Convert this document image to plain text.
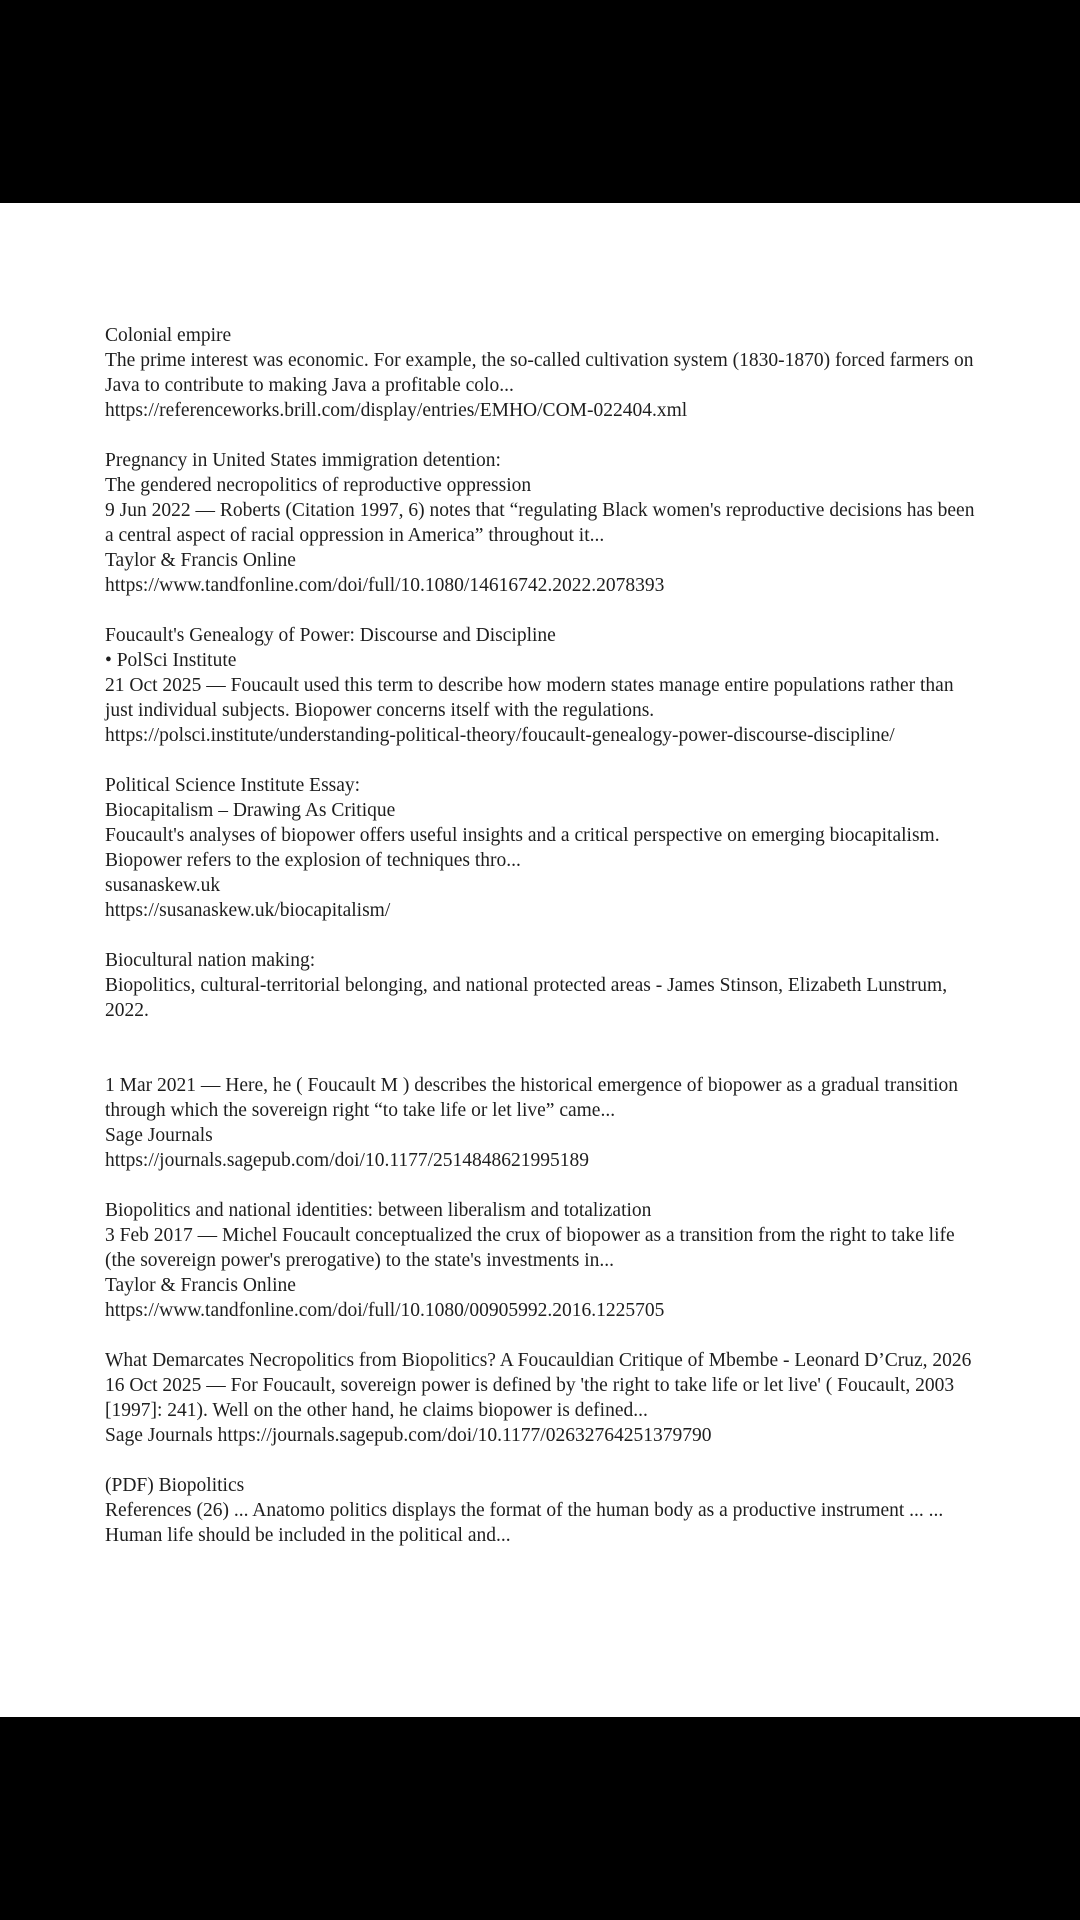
Colonial empire
The prime interest was economic. For example, the so-called cultivation system (1830-1870) forced farmers on Java to contribute to making Java a profitable colo...
https://referenceworks.brill.com/display/entries/EMHO/COM-022404.xml
Pregnancy in United States immigration detention:
The gendered necropolitics of reproductive oppression
9 Jun 2022 — Roberts (Citation 1997, 6) notes that “regulating Black women's reproductive decisions has been a central aspect of racial oppression in America” throughout it...
Taylor & Francis Online
https://www.tandfonline.com/doi/full/10.1080/14616742.2022.2078393
Foucault's Genealogy of Power: Discourse and Discipline
• PolSci Institute
21 Oct 2025 — Foucault used this term to describe how modern states manage entire populations rather than just individual subjects. Biopower concerns itself with the regulations.
https://polsci.institute/understanding-political-theory/foucault-genealogy-power-discourse-discipline/
Political Science Institute Essay:
Biocapitalism – Drawing As Critique
Foucault's analyses of biopower offers useful insights and a critical perspective on emerging biocapitalism. Biopower refers to the explosion of techniques thro...
susanaskew.uk
https://susanaskew.uk/biocapitalism/
Biocultural nation making:
Biopolitics, cultural-territorial belonging, and national protected areas - James Stinson, Elizabeth Lunstrum, 2022.
1 Mar 2021 — Here, he ( Foucault M ) describes the historical emergence of biopower as a gradual transition through which the sovereign right “to take life or let live” came...
Sage Journals
https://journals.sagepub.com/doi/10.1177/2514848621995189
Biopolitics and national identities: between liberalism and totalization
3 Feb 2017 — Michel Foucault conceptualized the crux of biopower as a transition from the right to take life (the sovereign power's prerogative) to the state's investments in...
Taylor & Francis Online
https://www.tandfonline.com/doi/full/10.1080/00905992.2016.1225705
What Demarcates Necropolitics from Biopolitics? A Foucauldian Critique of Mbembe - Leonard D’Cruz, 2026
16 Oct 2025 — For Foucault, sovereign power is defined by 'the right to take life or let live' ( Foucault, 2003 [1997]: 241). Well on the other hand, he claims biopower is defined...
Sage Journals https://journals.sagepub.com/doi/10.1177/02632764251379790
(PDF) Biopolitics
References (26) ... Anatomo politics displays the format of the human body as a productive instrument ... ... Human life should be included in the political and...
